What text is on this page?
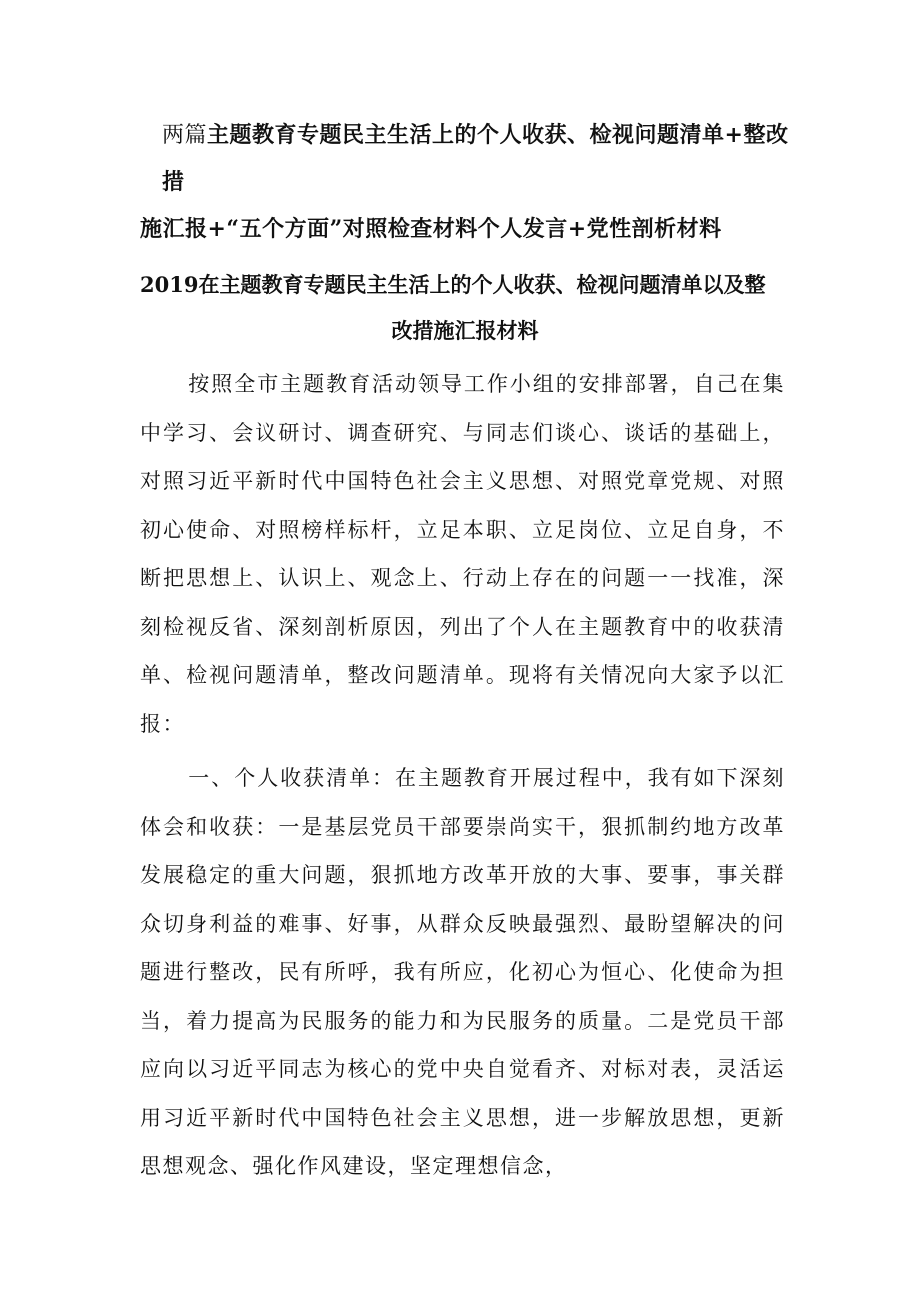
两篇主题教育专题民主生活上的个人收获、检视问题清单+整改措
施汇报+“五个方面”对照检查材料个人发言+党性剖析材料
2019在主题教育专题民主生活上的个人收获、检视问题清单以及整
改措施汇报材料

按照全市主题教育活动领导工作小组的安排部署，自己在集中学习、会议研讨、调查研究、与同志们谈心、谈话的基础上，对照习近平新时代中国特色社会主义思想、对照党章党规、对照初心使命、对照榜样标杆，立足本职、立足岗位、立足自身，不断把思想上、认识上、观念上、行动上存在的问题一一找准，深刻检视反省、深刻剖析原因，列出了个人在主题教育中的收获清单、检视问题清单，整改问题清单。现将有关情况向大家予以汇报：

一、个人收获清单：在主题教育开展过程中，我有如下深刻体会和收获：一是基层党员干部要崇尚实干，狠抓制约地方改革发展稳定的重大问题，狠抓地方改革开放的大事、要事，事关群众切身利益的难事、好事，从群众反映最强烈、最盼望解决的问题进行整改，民有所呼，我有所应，化初心为恒心、化使命为担当，着力提高为民服务的能力和为民服务的质量。二是党员干部应向以习近平同志为核心的党中央自觉看齐、对标对表，灵活运用习近平新时代中国特色社会主义思想，进一步解放思想，更新思想观念、强化作风建设，坚定理想信念，
